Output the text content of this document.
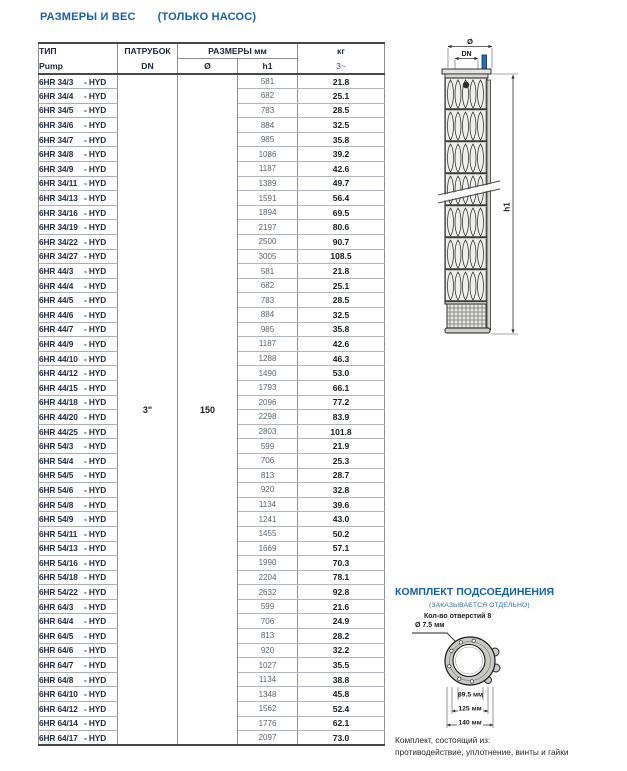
РАЗМЕРЫ И ВЕС (ТОЛЬКО НАСОС)
ТИП	ПАТРУБОК	РАЗМЕРЫ мм		кг
Pump	DN	Ø	h1	3~
6HR 34/3 - HYD	3"	150	581	21.8
6HR 34/4 - HYD			682	25.1
6HR 34/5 - HYD			783	28.5
6HR 34/6 - HYD			884	32.5
6HR 34/7 - HYD			985	35.8
6HR 34/8 - HYD			1086	39.2
6HR 34/9 - HYD			1187	42.6
6HR 34/11 - HYD			1389	49.7
6HR 34/13 - HYD			1591	56.4
6HR 34/16 - HYD			1894	69.5
6HR 34/19 - HYD			2197	80.6
6HR 34/22 - HYD			2500	90.7
6HR 34/27 - HYD			3005	108.5
6HR 44/3 - HYD			581	21.8
6HR 44/4 - HYD			682	25.1
6HR 44/5 - HYD			783	28.5
6HR 44/6 - HYD			884	32.5
6HR 44/7 - HYD			985	35.8
6HR 44/9 - HYD			1187	42.6
6HR 44/10 - HYD			1288	46.3
6HR 44/12 - HYD			1490	53.0
6HR 44/15 - HYD			1793	66.1
6HR 44/18 - HYD			2096	77.2
6HR 44/20 - HYD			2298	83.9
6HR 44/25 - HYD			2803	101.8
6HR 54/3 - HYD			599	21.9
6HR 54/4 - HYD			706	25.3
6HR 54/5 - HYD			813	28.7
6HR 54/6 - HYD			920	32.8
6HR 54/8 - HYD			1134	39.6
6HR 54/9 - HYD			1241	43.0
6HR 54/11 - HYD			1455	50.2
6HR 54/13 - HYD			1669	57.1
6HR 54/16 - HYD			1990	70.3
6HR 54/18 - HYD			2204	78.1
6HR 54/22 - HYD			2632	92.8
6HR 64/3 - HYD			599	21.6
6HR 64/4 - HYD			706	24.9
6HR 64/5 - HYD			813	28.2
6HR 64/6 - HYD			920	32.2
6HR 64/7 - HYD			1027	35.5
6HR 64/8 - HYD			1134	38.8
6HR 64/10 - HYD			1348	45.8
6HR 64/12 - HYD			1562	52.4
6HR 64/14 - HYD			1776	62.1
6HR 64/17 - HYD			2097	73.0
Ø
DN
h1
КОМПЛЕКТ ПОДСОЕДИНЕНИЯ
(ЗАКАЗЫВАЕТСЯ ОТДЕЛЬНО)
Кол-во отверстий 8
Ø 7.5 мм
89.5 мм
125 мм
140 мм
Комплект, состоящий из:
противодействие, уплотнение, винты и гайки
